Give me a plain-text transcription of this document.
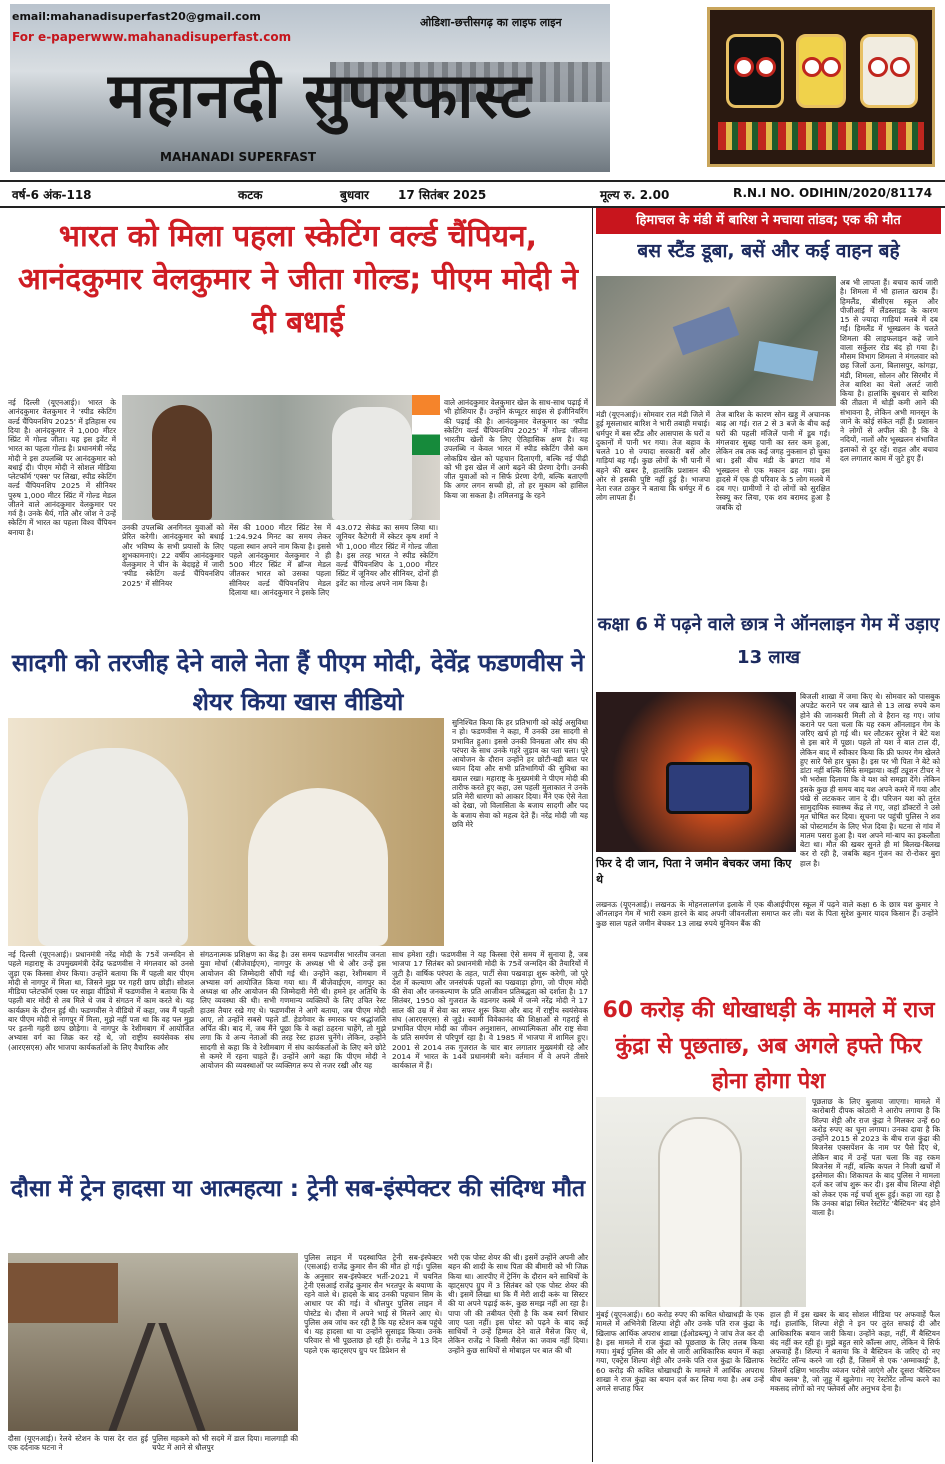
email:mahanadisuperfast20@gmail.com
For e-paperwww.mahanadisuperfast.com
ओडिशा-छत्तीसगढ़ का लाइफ लाइन
महानदी सुपरफास्ट
MAHANADI SUPERFAST
वर्ष-6 अंक-118	कटक	बुधवार 17 सितंबर 2025	मूल्य रु. 2.00	R.N.I NO. ODIHIN/2020/81174
भारत को मिला पहला स्केटिंग वर्ल्ड चैंपियन, आनंदकुमार वेलकुमार ने जीता गोल्ड; पीएम मोदी ने दी बधाई
नई दिल्ली (यूएनआई)। भारत के आनंदकुमार वेलकुमार ने 'स्पीड स्केटिंग वर्ल्ड चैंपियनशिप 2025' में इतिहास रच दिया है। आनंदकुमार ने 1,000 मीटर स्प्रिंट में गोल्ड जीता। यह इस इवेंट में भारत का पहला गोल्ड है। प्रधानमंत्री नरेंद्र मोदी ने इस उपलब्धि पर आनंदकुमार को बधाई दी। पीएम मोदी ने सोशल मीडिया प्लेटफॉर्म 'एक्स' पर लिखा, स्पीड स्केटिंग वर्ल्ड चैंपियनशिप 2025 में सीनियर पुरुष 1,000 मीटर स्प्रिंट में गोल्ड मेडल जीतने वाले आनंदकुमार वेलकुमार पर गर्व है। उनके धैर्य, गति और जोश ने उन्हें स्केटिंग में भारत का पहला विश्व चैंपियन बनाया है।	उनकी उपलब्धि अनगिनत युवाओं को प्रेरित करेगी। आनंदकुमार को बधाई और भविष्य के सभी प्रयासों के लिए शुभकामनाएं। 22 वर्षीय आनंदकुमार वेलकुमार ने चीन के बेदाइहे में जारी 'स्पीड स्केटिंग वर्ल्ड चैंपियनशिप 2025' में सीनियर
मेंस की 1000 मीटर स्प्रिंट रेस में 1:24.924 मिनट का समय लेकर पहला स्थान अपने नाम किया है। इससे पहले आनंदकुमार वेलकुमार ने ही 500 मीटर स्प्रिंट में ब्रॉन्ज मेडल जीतकर भारत को उसका पहला सीनियर वर्ल्ड चैंपियनशिप मेडल दिलाया था। आनंदकुमार ने इसके लिए
43.072 सेकंड का समय लिया था। जूनियर कैटेगरी में स्केटर कृष शर्मा ने भी 1,000 मीटर स्प्रिंट में गोल्ड जीता है। इस तरह भारत ने स्पीड स्केटिंग वर्ल्ड चैंपियनशिप के 1,000 मीटर स्प्रिंट में जूनियर और सीनियर, दोनों ही इवेंट का गोल्ड अपने नाम किया है।
वाले आनंदकुमार वेलकुमार खेल के साथ-साथ पढ़ाई में भी होशियार हैं। उन्होंने कंप्यूटर साइंस से इंजीनियरिंग की पढ़ाई की है। आनंदकुमार वेलकुमार का 'स्पीड स्केटिंग वर्ल्ड चैंपियनशिप 2025' में गोल्ड जीतना भारतीय खेलों के लिए ऐतिहासिक क्षण है। यह उपलब्धि न केवल भारत में स्पीड स्केटिंग जैसे कम लोकप्रिय खेल को पहचान दिलाएगी, बल्कि नई पीढ़ी को भी इस खेल में आगे बढ़ने की प्रेरणा देगी। उनकी जीत युवाओं को न सिर्फ प्रेरणा देगी, बल्कि बताएगी कि अगर लगन सच्ची हो, तो हर मुकाम को हासिल किया जा सकता है। तमिलनाडु के रहने
हिमाचल के मंडी में बारिश ने मचाया तांडव; एक की मौत
बस स्टैंड डूबा, बसें और कई वाहन बहे
मंडी (यूएनआई)। सोमवार रात मंडी जिले में हुई मूसलाधार बारिश ने भारी तबाही मचाई। धर्मपुर में बस स्टैंड और आसपास के घरों व दुकानों में पानी भर गया। तेज बहाव के चलते 10 से ज्यादा सरकारी बसें और गाड़ियां बह गईं। कुछ लोगों के भी पानी में बहने की खबर है, हालांकि प्रशासन की ओर से इसकी पुष्टि नहीं हुई है। भाजपा नेता रजत ठाकुर ने बताया कि धर्मपुर में 6 लोग लापता हैं।
तेज बारिश के कारण सोन खड्ड में अचानक बाढ़ आ गई। रात 2 से 3 बजे के बीच कई घरों की पहली मंजिलें पानी में डूब गईं। मंगलवार सुबह पानी का स्तर कम हुआ, लेकिन तब तक कई जगह नुकसान हो चुका था। इसी बीच मंडी के ब्रगटा गांव में भूस्खलन से एक मकान ढह गया। इस हादसे में एक ही परिवार के 5 लोग मलबे में दब गए। ग्रामीणों ने दो लोगों को सुरक्षित रेस्क्यू कर लिया, एक शव बरामद हुआ है जबकि दो
अब भी लापता हैं। बचाव कार्य जारी है। शिमला में भी हालात खराब हैं। हिमलैंड, बीसीएस स्कूल और पीजीआई में लैंडस्लाइड के कारण 15 से ज्यादा गाड़ियां मलबे में दब गईं। हिमलैंड में भूस्खलन के चलते शिमला की लाइफलाइन कहे जाने वाला सर्कुलर रोड बंद हो गया है। मौसम विभाग शिमला ने मंगलवार को छह जिलों ऊना, बिलासपुर, कांगड़ा, मंडी, शिमला, सोलन और सिरमौर में तेज बारिश का येलो अलर्ट जारी किया है। हालांकि बुधवार से बारिश की तीव्रता में थोड़ी कमी आने की संभावना है, लेकिन अभी मानसून के जाने के कोई संकेत नहीं हैं। प्रशासन ने लोगों से अपील की है कि वे नदियों, नालों और भूस्खलन संभावित इलाकों से दूर रहें। राहत और बचाव दल लगातार काम में जुटे हुए हैं।
सादगी को तरजीह देने वाले नेता हैं पीएम मोदी, देवेंद्र फडणवीस ने शेयर किया खास वीडियो
सुनिश्चित किया कि हर प्रतिभागी को कोई असुविधा न हो। फडणवीस ने कहा, मैं उनकी उस सादगी से प्रभावित हुआ। इससे उनकी विनम्रता और संघ की परंपरा के साथ उनके गहरे जुड़ाव का पता चला। पूरे आयोजन के दौरान उन्होंने हर छोटी-बड़ी बात पर ध्यान दिया और सभी प्रतिभागियों की सुविधा का ख्याल रखा। महाराष्ट्र के मुख्यमंत्री ने पीएम मोदी की तारीफ करते हुए कहा, उस पहली मुलाकात ने उनके प्रति मेरी धारणा को आकार दिया। मैंने एक ऐसे नेता को देखा, जो विलासिता के बजाय सादगी और पद के बजाय सेवा को महत्व देते हैं। नरेंद्र मोदी जी यह छवि मेरे
नई दिल्ली (यूएनआई)। प्रधानमंत्री नरेंद्र मोदी के 75वें जन्मदिन से पहले महाराष्ट्र के उपमुख्यमंत्री देवेंद्र फडणवीस ने मंगलवार को उनसे जुड़ा एक किस्सा शेयर किया। उन्होंने बताया कि मैं पहली बार पीएम मोदी से नागपुर में मिला था, जिसने मुझ पर गहरी छाप छोड़ी। सोशल मीडिया प्लेटफॉर्म एक्स पर साझा वीडियो में फडणवीस ने बताया कि वे पहली बार मोदी से तब मिले थे जब वे संगठन में काम करते थे। यह कार्यक्रम के दौरान हुई थी। फडणवीस ने वीडियो में कहा, जब मैं पहली बार पीएम मोदी से नागपुर में मिला, मुझे नहीं पता था कि वह पल मुझ पर इतनी गहरी छाप छोड़ेगा। वे नागपुर के रेशीमबाग में आयोजित अभ्यास वर्ग का जिक्र कर रहे थे, जो राष्ट्रीय स्वयंसेवक संघ (आरएसएस) और भाजपा कार्यकर्ताओं के लिए वैचारिक और
संगठनात्मक प्रशिक्षण का केंद्र है। उस समय फडणवीस भारतीय जनता युवा मोर्चा (बीजेवाईएम), नागपुर के अध्यक्ष भी थे और उन्हें इस आयोजन की जिम्मेदारी सौंपी गई थी। उन्होंने कहा, रेशीमबाग में अभ्यास वर्ग आयोजित किया गया था। मैं बीजेवाईएम, नागपुर का अध्यक्ष था और आयोजन की जिम्मेदारी मेरी थी। हमने हर अतिथि के लिए व्यवस्था की थी। सभी गणमान्य व्यक्तियों के लिए उचित रेस्ट हाउस तैयार रखे गए थे। फडणवीस ने आगे बताया, जब पीएम मोदी आए, तो उन्होंने सबसे पहले डॉ. हेडगेवार के स्मारक पर श्रद्धांजलि अर्पित की। बाद में, जब मैंने पूछा कि वे कहां ठहरना चाहेंगे, तो मुझे लगा कि वे अन्य नेताओं की तरह रेस्ट हाउस चुनेंगे। लेकिन, उन्होंने सादगी से कहा कि वे रेशीमबाग में संघ कार्यकर्ताओं के लिए बने छोटे से कमरे में रहना चाहते हैं। उन्होंने आगे कहा कि पीएम मोदी ने आयोजन की व्यवस्थाओं पर व्यक्तिगत रूप से नजर रखी और यह
साथ हमेशा रही। फडणवीस ने यह किस्सा ऐसे समय में सुनाया है, जब भाजपा 17 सितंबर को प्रधानमंत्री मोदी के 75वें जन्मदिन की तैयारियों में जुटी है। वार्षिक परंपरा के तहत, पार्टी सेवा पखवाड़ा शुरू करेगी, जो पूरे देश में कल्याण और जनसंपर्क पहलों का पखवाड़ा होगा, जो पीएम मोदी की सेवा और जनकल्याण के प्रति आजीवन प्रतिबद्धता को दर्शाता है। 17 सितंबर, 1950 को गुजरात के वडनगर कस्बे में जन्मे नरेंद्र मोदी ने 17 साल की उम्र में सेवा का सफर शुरू किया और बाद में राष्ट्रीय स्वयंसेवक संघ (आरएसएस) से जुड़े। स्वामी विवेकानंद की शिक्षाओं से गहराई से प्रभावित पीएम मोदी का जीवन अनुशासन, आध्यात्मिकता और राष्ट्र सेवा के प्रति समर्पण से परिपूर्ण रहा है। वे 1985 में भाजपा में शामिल हुए। 2001 से 2014 तक गुजरात के चार बार लगातार मुख्यमंत्री रहे और 2014 में भारत के 14वें प्रधानमंत्री बने। वर्तमान में वे अपने तीसरे कार्यकाल में हैं।
कक्षा 6 में पढ़ने वाले छात्र ने ऑनलाइन गेम में उड़ाए 13 लाख
फिर दे दी जान, पिता ने जमीन बेचकर जमा किए थे
बिजली शाखा में जमा किए थे। सोमवार को पासबुक अपडेट कराने पर जब खाते से 13 लाख रुपये कम होने की जानकारी मिली तो वे हैरान रह गए। जांच कराने पर पता चला कि यह रकम ऑनलाइन गेम के जरिए खर्च हो गई थी। घर लौटकर सुरेश ने बेटे यश से इस बारे में पूछा। पहले तो यश ने बात टाल दी, लेकिन बाद में स्वीकार किया कि फ्री फायर गेम खेलते हुए सारे पैसे हार चुका है। इस पर भी पिता ने बेटे को डांटा नहीं बल्कि सिर्फ समझाया। कहीं ट्यूशन टीचर ने भी भरोसा दिलाया कि वे यश को समझा देंगे। लेकिन इसके कुछ ही समय बाद यश अपने कमरे में गया और पंखे से लटककर जान दे दी। परिजन यश को तुरंत सामुदायिक स्वास्थ्य केंद्र ले गए, जहां डॉक्टरों ने उसे मृत घोषित कर दिया। सूचना पर पहुंची पुलिस ने शव को पोस्टमार्टम के लिए भेज दिया है। घटना से गांव में मातम पसरा हुआ है। यश अपने मां-बाप का इकलौता बेटा था। मौत की खबर सुनते ही मां बिलख-बिलख कर रो रही है, जबकि बहन गुंजन का रो-रोकर बुरा हाल है।
लखनऊ (यूएनआई)। लखनऊ के मोहनलालगंज इलाके में एक बीआईपीएस स्कूल में पढ़ने वाले कक्षा 6 के छात्र यश कुमार ने ऑनलाइन गेम में भारी रकम हारने के बाद अपनी जीवनलीला समाप्त कर ली। यश के पिता सुरेश कुमार यादव किसान हैं। उन्होंने कुछ साल पहले जमीन बेचकर 13 लाख रुपये यूनियन बैंक की
60 करोड़ की धोखाधड़ी के मामले में राज कुंद्रा से पूछताछ, अब अगले हफ्ते फिर होना होगा पेश
पूछताछ के लिए बुलाया जाएगा। मामले में कारोबारी दीपक कोठारी ने आरोप लगाया है कि शिल्पा शेट्टी और राज कुंद्रा ने मिलकर उन्हें 60 करोड़ रुपए का चूना लगाया। उनका दावा है कि उन्होंने 2015 से 2023 के बीच राज कुंद्रा की बिजनेस एक्सपेंशन के नाम पर पैसे दिए थे, लेकिन बाद में उन्हें पता चला कि वह रकम बिजनेस में नहीं, बल्कि कपल ने निजी खर्चों में इस्तेमाल की। शिकायत के बाद पुलिस ने मामला दर्ज कर जांच शुरू कर दी। इस बीच शिल्पा शेट्टी को लेकर एक नई चर्चा शुरू हुई। कहा जा रहा है कि उनका बांद्रा स्थित रेस्टोरेंट 'बैस्टियन' बंद होने वाला है।
मुंबई (यूएनआई)। 60 करोड़ रुपए की कथित धोखाधड़ी के एक मामले में अभिनेत्री शिल्पा शेट्टी और उनके पति राज कुंद्रा के खिलाफ आर्थिक अपराध शाखा (ईओडब्ल्यू) ने जांच तेज कर दी है। इस मामले में राज कुंद्रा को पूछताछ के लिए तलब किया गया। मुंबई पुलिस की ओर से जारी आधिकारिक बयान में कहा गया, एक्ट्रेस शिल्पा शेट्टी और उनके पति राज कुंद्रा के खिलाफ 60 करोड़ की कथित धोखाधड़ी के मामले में आर्थिक अपराध शाखा ने राज कुंद्रा का बयान दर्ज कर लिया गया है। अब उन्हें अगले सप्ताह फिर
हाल ही में इस खबर के बाद सोशल मीडिया पर अफवाहें फैल गईं। हालांकि, शिल्पा शेट्टी ने इन पर तुरंत सफाई दी और आधिकारिक बयान जारी किया। उन्होंने कहा, नहीं, मैं बैस्टियन बंद नहीं कर रही हूं। मुझे बहुत सारे कॉल्स आए, लेकिन ये सिर्फ अफवाहें हैं। शिल्पा ने बताया कि वे बैस्टियन के जरिए दो नए रेस्टोरेंट लॉन्च करने जा रही हैं, जिसमें से एक 'अम्माकाई' है, जिसमें दक्षिण भारतीय व्यंजन परोसे जाएंगे और दूसरा 'बैस्टियन बीच क्लब' है, जो जुहू में खुलेगा। नए रेस्टोरेंट लॉन्च करने का मकसद लोगों को नए फ्लेवर्स और अनुभव देना है।
दौसा में ट्रेन हादसा या आत्महत्या : ट्रेनी सब-इंस्पेक्टर की संदिग्ध मौत
दौसा (यूएनआई)। रेलवे स्टेशन के पास देर रात हुई एक दर्दनाक घटना ने
पुलिस महकमे को भी सदमे में डाल दिया। मालगाड़ी की चपेट में आने से धौलपुर
पुलिस लाइन में पदस्थापित ट्रेनी सब-इंस्पेक्टर (एसआई) राजेंद्र कुमार सैन की मौत हो गई। पुलिस के अनुसार सब-इंस्पेक्टर भर्ती-2021 में चयनित ट्रेनी एसआई राजेंद्र कुमार सैन भरतपुर के बयाणा के रहने वाले थे। हादसे के बाद उनकी पहचान सिम के आधार पर की गई। वे धौलपुर पुलिस लाइन में पोस्टेड थे। दौसा में अपने भाई से मिलने आए थे। पुलिस अब जांच कर रही है कि यह स्टेशन कब पहुंचे थे। यह हादसा था या उन्होंने सुसाइड किया। उनके परिवार से भी पूछताछ हो रही है। राजेंद्र ने 13 दिन पहले एक व्हाट्सएप ग्रुप पर डिप्रेशन से
भरी एक पोस्ट शेयर की थी। इसमें उन्होंने अपनी और बहन की शादी के साथ पिता की बीमारी को भी जिक्र किया था। आरपीए में ट्रेनिंग के दौरान बने साथियों के व्हाट्सएप ग्रुप में 3 सितंबर को एक पोस्ट शेयर की थी। इसमें लिखा था कि मैं मेरी शादी करूं या सिस्टर की या अपने पढ़ाई करूं, कुछ समझ नहीं आ रहा है। पापा जी की तबीयत ऐसी है कि कब स्वर्ग सिधार जाए पता नहीं। इस पोस्ट को पढ़ने के बाद कई साथियों ने उन्हें हिम्मत देने वाले मैसेज किए थे, लेकिन राजेंद्र ने किसी मैसेज का जवाब नहीं दिया। उन्होंने कुछ साथियों से मोबाइल पर बात की थी
